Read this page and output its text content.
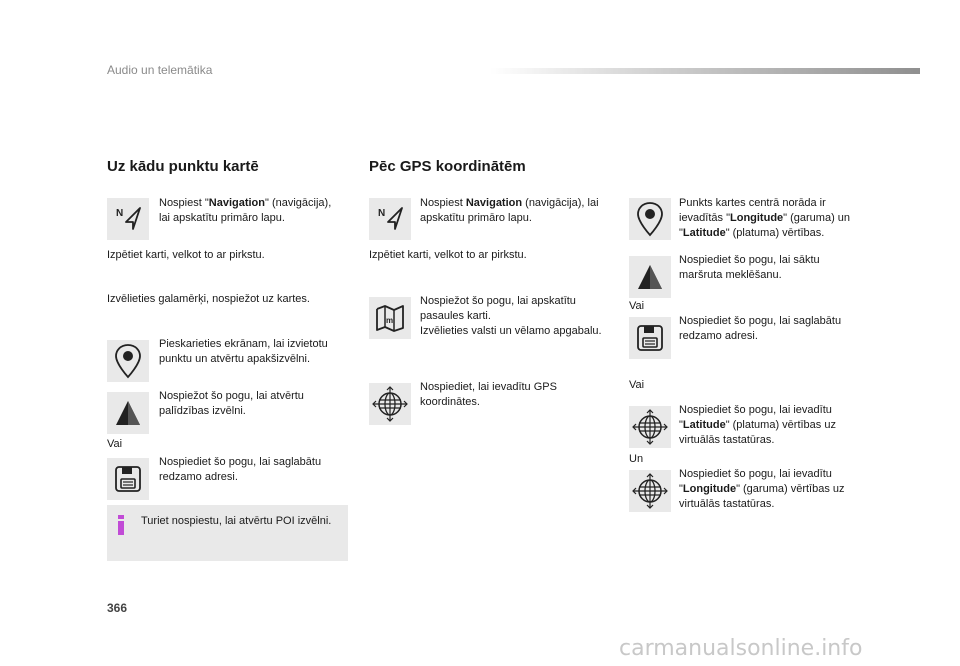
Audio un telemātika
Uz kādu punktu kartē
N
Nospiest "Navigation" (navigācija), lai apskatītu primāro lapu.
Izpētiet karti, velkot to ar pirkstu.
Izvēlieties galamērķi, nospiežot uz kartes.
Pieskarieties ekrānam, lai izvietotu punktu un atvērtu apakšizvēlni.
Nospiežot šo pogu, lai atvērtu palīdzības izvēlni.
Vai
Nospiediet šo pogu, lai saglabātu redzamo adresi.
Turiet nospiestu, lai atvērtu POI izvēlni.
Pēc GPS koordinātēm
N
Nospiest Navigation (navigācija), lai apskatītu primāro lapu.
Izpētiet karti, velkot to ar pirkstu.
m
Nospiežot šo pogu, lai apskatītu pasaules karti.
Izvēlieties valsti un vēlamo apgabalu.
Nospiediet, lai ievadītu GPS koordinātes.
Punkts kartes centrā norāda ir ievadītās "Longitude" (garuma) un "Latitude" (platuma) vērtības.
Nospiediet šo pogu, lai sāktu maršruta meklēšanu.
Vai
Nospiediet šo pogu, lai saglabātu redzamo adresi.
Vai
Nospiediet šo pogu, lai ievadītu "Latitude" (platuma) vērtības uz virtuālās tastatūras.
Un
Nospiediet šo pogu, lai ievadītu "Longitude" (garuma) vērtības uz virtuālās tastatūras.
366
carmanualsonline.info
